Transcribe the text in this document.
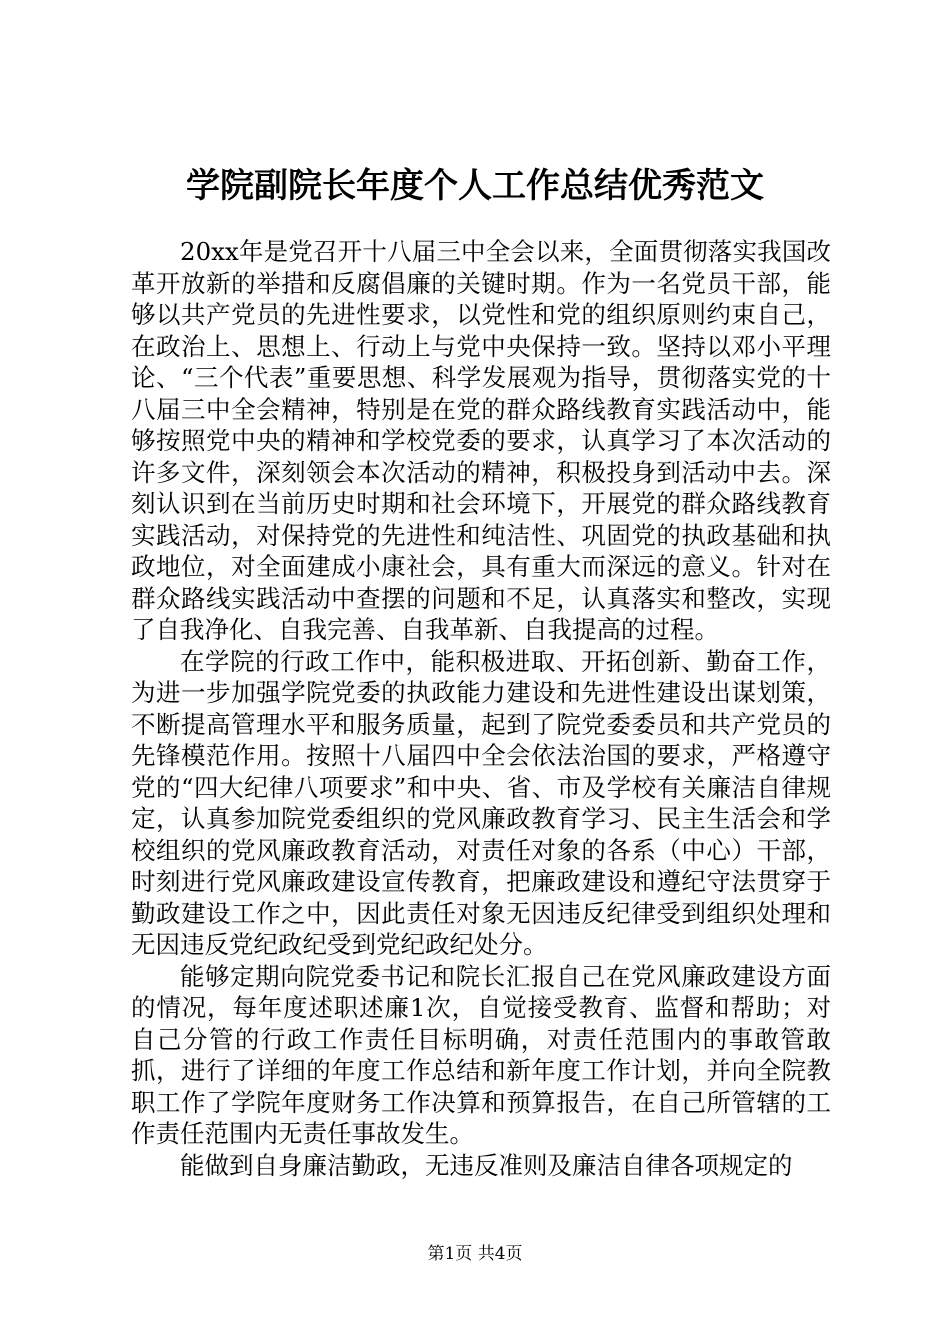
学院副院长年度个人工作总结优秀范文

20xx年是党召开十八届三中全会以来，全面贯彻落实我国改革开放新的举措和反腐倡廉的关键时期。作为一名党员干部，能够以共产党员的先进性要求，以党性和党的组织原则约束自己，在政治上、思想上、行动上与党中央保持一致。坚持以邓小平理论、“三个代表”重要思想、科学发展观为指导，贯彻落实党的十八届三中全会精神，特别是在党的群众路线教育实践活动中，能够按照党中央的精神和学校党委的要求，认真学习了本次活动的许多文件，深刻领会本次活动的精神，积极投身到活动中去。深刻认识到在当前历史时期和社会环境下，开展党的群众路线教育实践活动，对保持党的先进性和纯洁性、巩固党的执政基础和执政地位，对全面建成小康社会，具有重大而深远的意义。针对在群众路线实践活动中查摆的问题和不足，认真落实和整改，实现了自我净化、自我完善、自我革新、自我提高的过程。

在学院的行政工作中，能积极进取、开拓创新、勤奋工作，为进一步加强学院党委的执政能力建设和先进性建设出谋划策，不断提高管理水平和服务质量，起到了院党委委员和共产党员的先锋模范作用。按照十八届四中全会依法治国的要求，严格遵守党的“四大纪律八项要求”和中央、省、市及学校有关廉洁自律规定，认真参加院党委组织的党风廉政教育学习、民主生活会和学校组织的党风廉政教育活动，对责任对象的各系（中心）干部，时刻进行党风廉政建设宣传教育，把廉政建设和遵纪守法贯穿于勤政建设工作之中，因此责任对象无因违反纪律受到组织处理和无因违反党纪政纪受到党纪政纪处分。

能够定期向院党委书记和院长汇报自己在党风廉政建设方面的情况，每年度述职述廉1次，自觉接受教育、监督和帮助；对自己分管的行政工作责任目标明确，对责任范围内的事敢管敢抓，进行了详细的年度工作总结和新年度工作计划，并向全院教职工作了学院年度财务工作决算和预算报告，在自己所管辖的工作责任范围内无责任事故发生。

能做到自身廉洁勤政，无违反准则及廉洁自律各项规定的

第1页 共4页
